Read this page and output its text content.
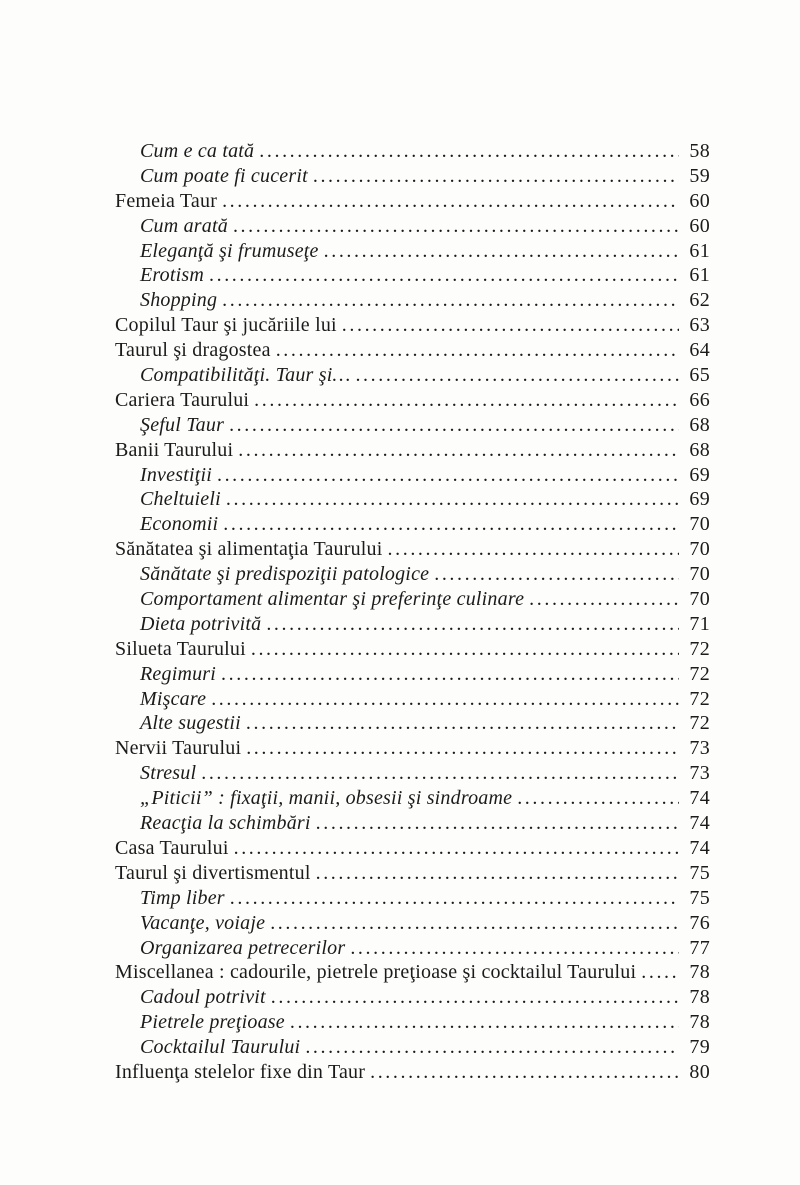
Cum e ca tată .....	58
Cum poate fi cucerit .....	59
Femeia Taur .....	60
Cum arată .....	60
Eleganţă şi frumuseţe .....	61
Erotism .....	61
Shopping .....	62
Copilul Taur şi jucăriile lui .....	63
Taurul şi dragostea .....	64
Compatibilităţi. Taur şi… .....	65
Cariera Taurului .....	66
Şeful Taur .....	68
Banii Taurului .....	68
Investiţii .....	69
Cheltuieli .....	69
Economii .....	70
Sănătatea şi alimentaţia Taurului .....	70
Sănătate şi predispoziţii patologice .....	70
Comportament alimentar şi preferinţe culinare .....	70
Dieta potrivită .....	71
Silueta Taurului .....	72
Regimuri .....	72
Mişcare .....	72
Alte sugestii .....	72
Nervii Taurului .....	73
Stresul .....	73
„Piticii” : fixaţii, manii, obsesii şi sindroame .....	74
Reacţia la schimbări .....	74
Casa Taurului .....	74
Taurul şi divertismentul .....	75
Timp liber .....	75
Vacanţe, voiaje .....	76
Organizarea petrecerilor .....	77
Miscellanea : cadourile, pietrele preţioase şi cocktailul Taurului .....	78
Cadoul potrivit .....	78
Pietrele preţioase .....	78
Cocktailul Taurului .....	79
Influenţa stelelor fixe din Taur .....	80
